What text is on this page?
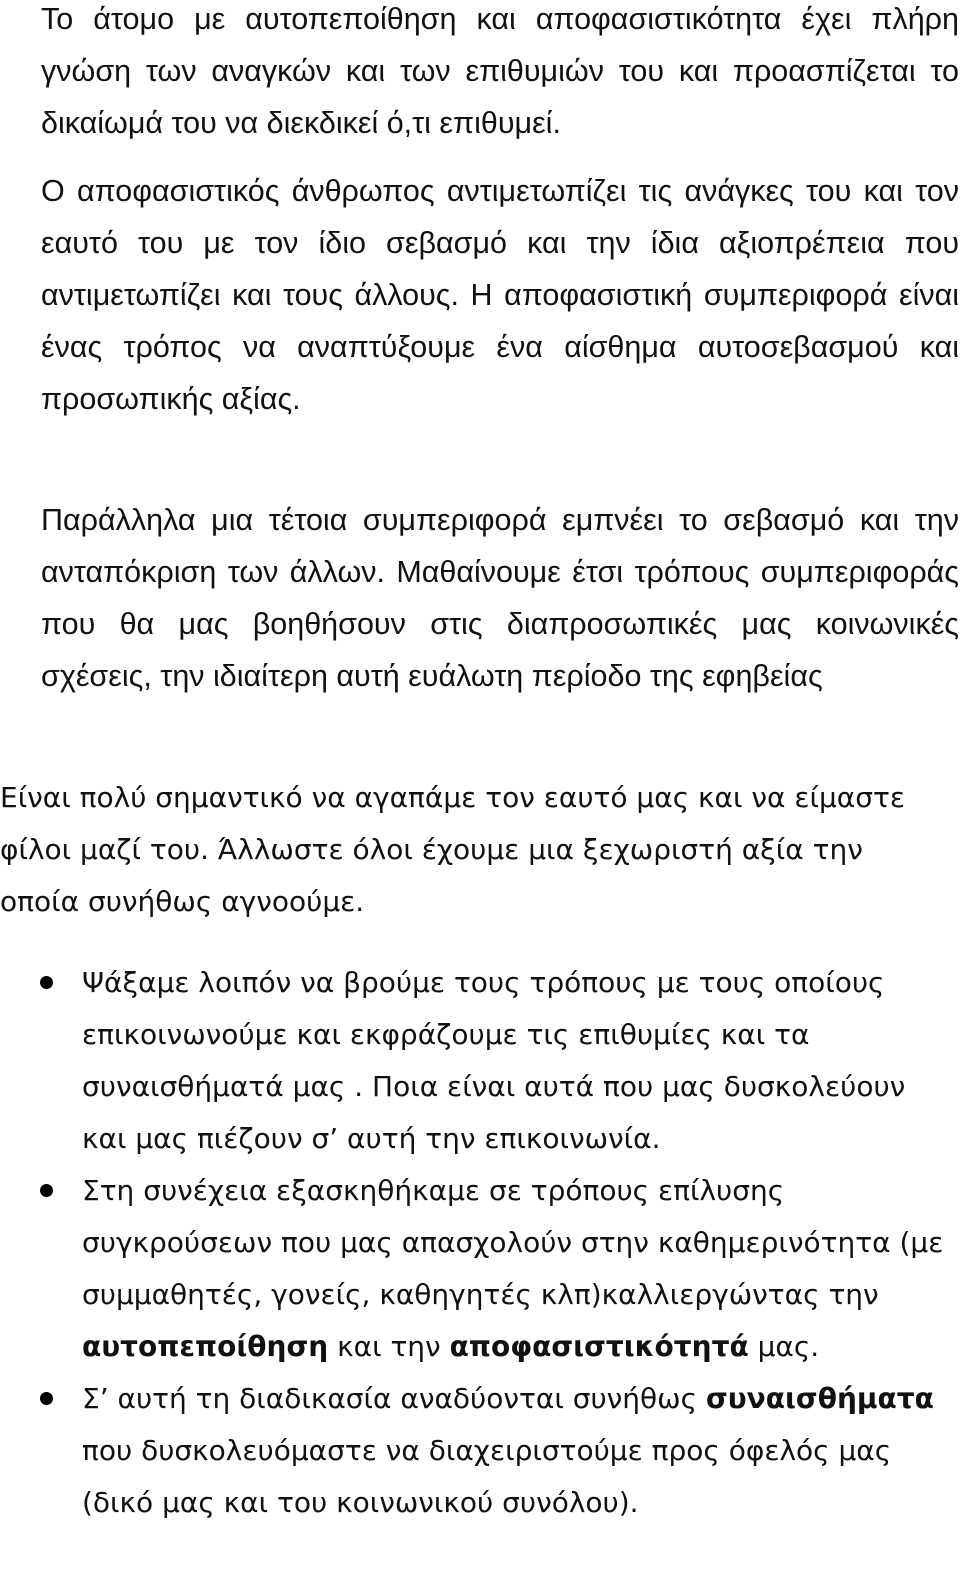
Το άτομο με αυτοπεποίθηση και αποφασιστικότητα έχει πλήρη γνώση των αναγκών και των επιθυμιών του και προασπίζεται το δικαίωμά του να διεκδικεί ό,τι επιθυμεί.

Ο αποφασιστικός άνθρωπος αντιμετωπίζει τις ανάγκες του και τον εαυτό του με τον ίδιο σεβασμό και την ίδια αξιοπρέπεια που αντιμετωπίζει και τους άλλους. Η αποφασιστική συμπεριφορά είναι ένας τρόπος να αναπτύξουμε ένα αίσθημα αυτοσεβασμού και προσωπικής αξίας.

Παράλληλα μια τέτοια συμπεριφορά εμπνέει το σεβασμό και την ανταπόκριση των άλλων. Μαθαίνουμε έτσι τρόπους συμπεριφοράς που θα μας βοηθήσουν στις διαπροσωπικές μας κοινωνικές σχέσεις, την ιδιαίτερη αυτή ευάλωτη περίοδο της εφηβείας

Είναι πολύ σημαντικό να αγαπάμε τον εαυτό μας και να είμαστε φίλοι μαζί του. Άλλωστε όλοι έχουμε μια ξεχωριστή αξία την οποία συνήθως αγνοούμε.

Ψάξαμε λοιπόν να βρούμε τους τρόπους με τους οποίους επικοινωνούμε και εκφράζουμε τις επιθυμίες και τα συναισθήματά μας . Ποια είναι αυτά που μας δυσκολεύουν και μας πιέζουν σ’ αυτή την επικοινωνία.
Στη συνέχεια εξασκηθήκαμε σε τρόπους επίλυσης συγκρούσεων που μας απασχολούν στην καθημερινότητα (με συμμαθητές, γονείς, καθηγητές κλπ)καλλιεργώντας την αυτοπεποίθηση και την αποφασιστικότητά μας.
Σ’ αυτή τη διαδικασία αναδύονται συνήθως συναισθήματα που δυσκολευόμαστε να διαχειριστούμε προς όφελός μας (δικό μας και του κοινωνικού συνόλου).
